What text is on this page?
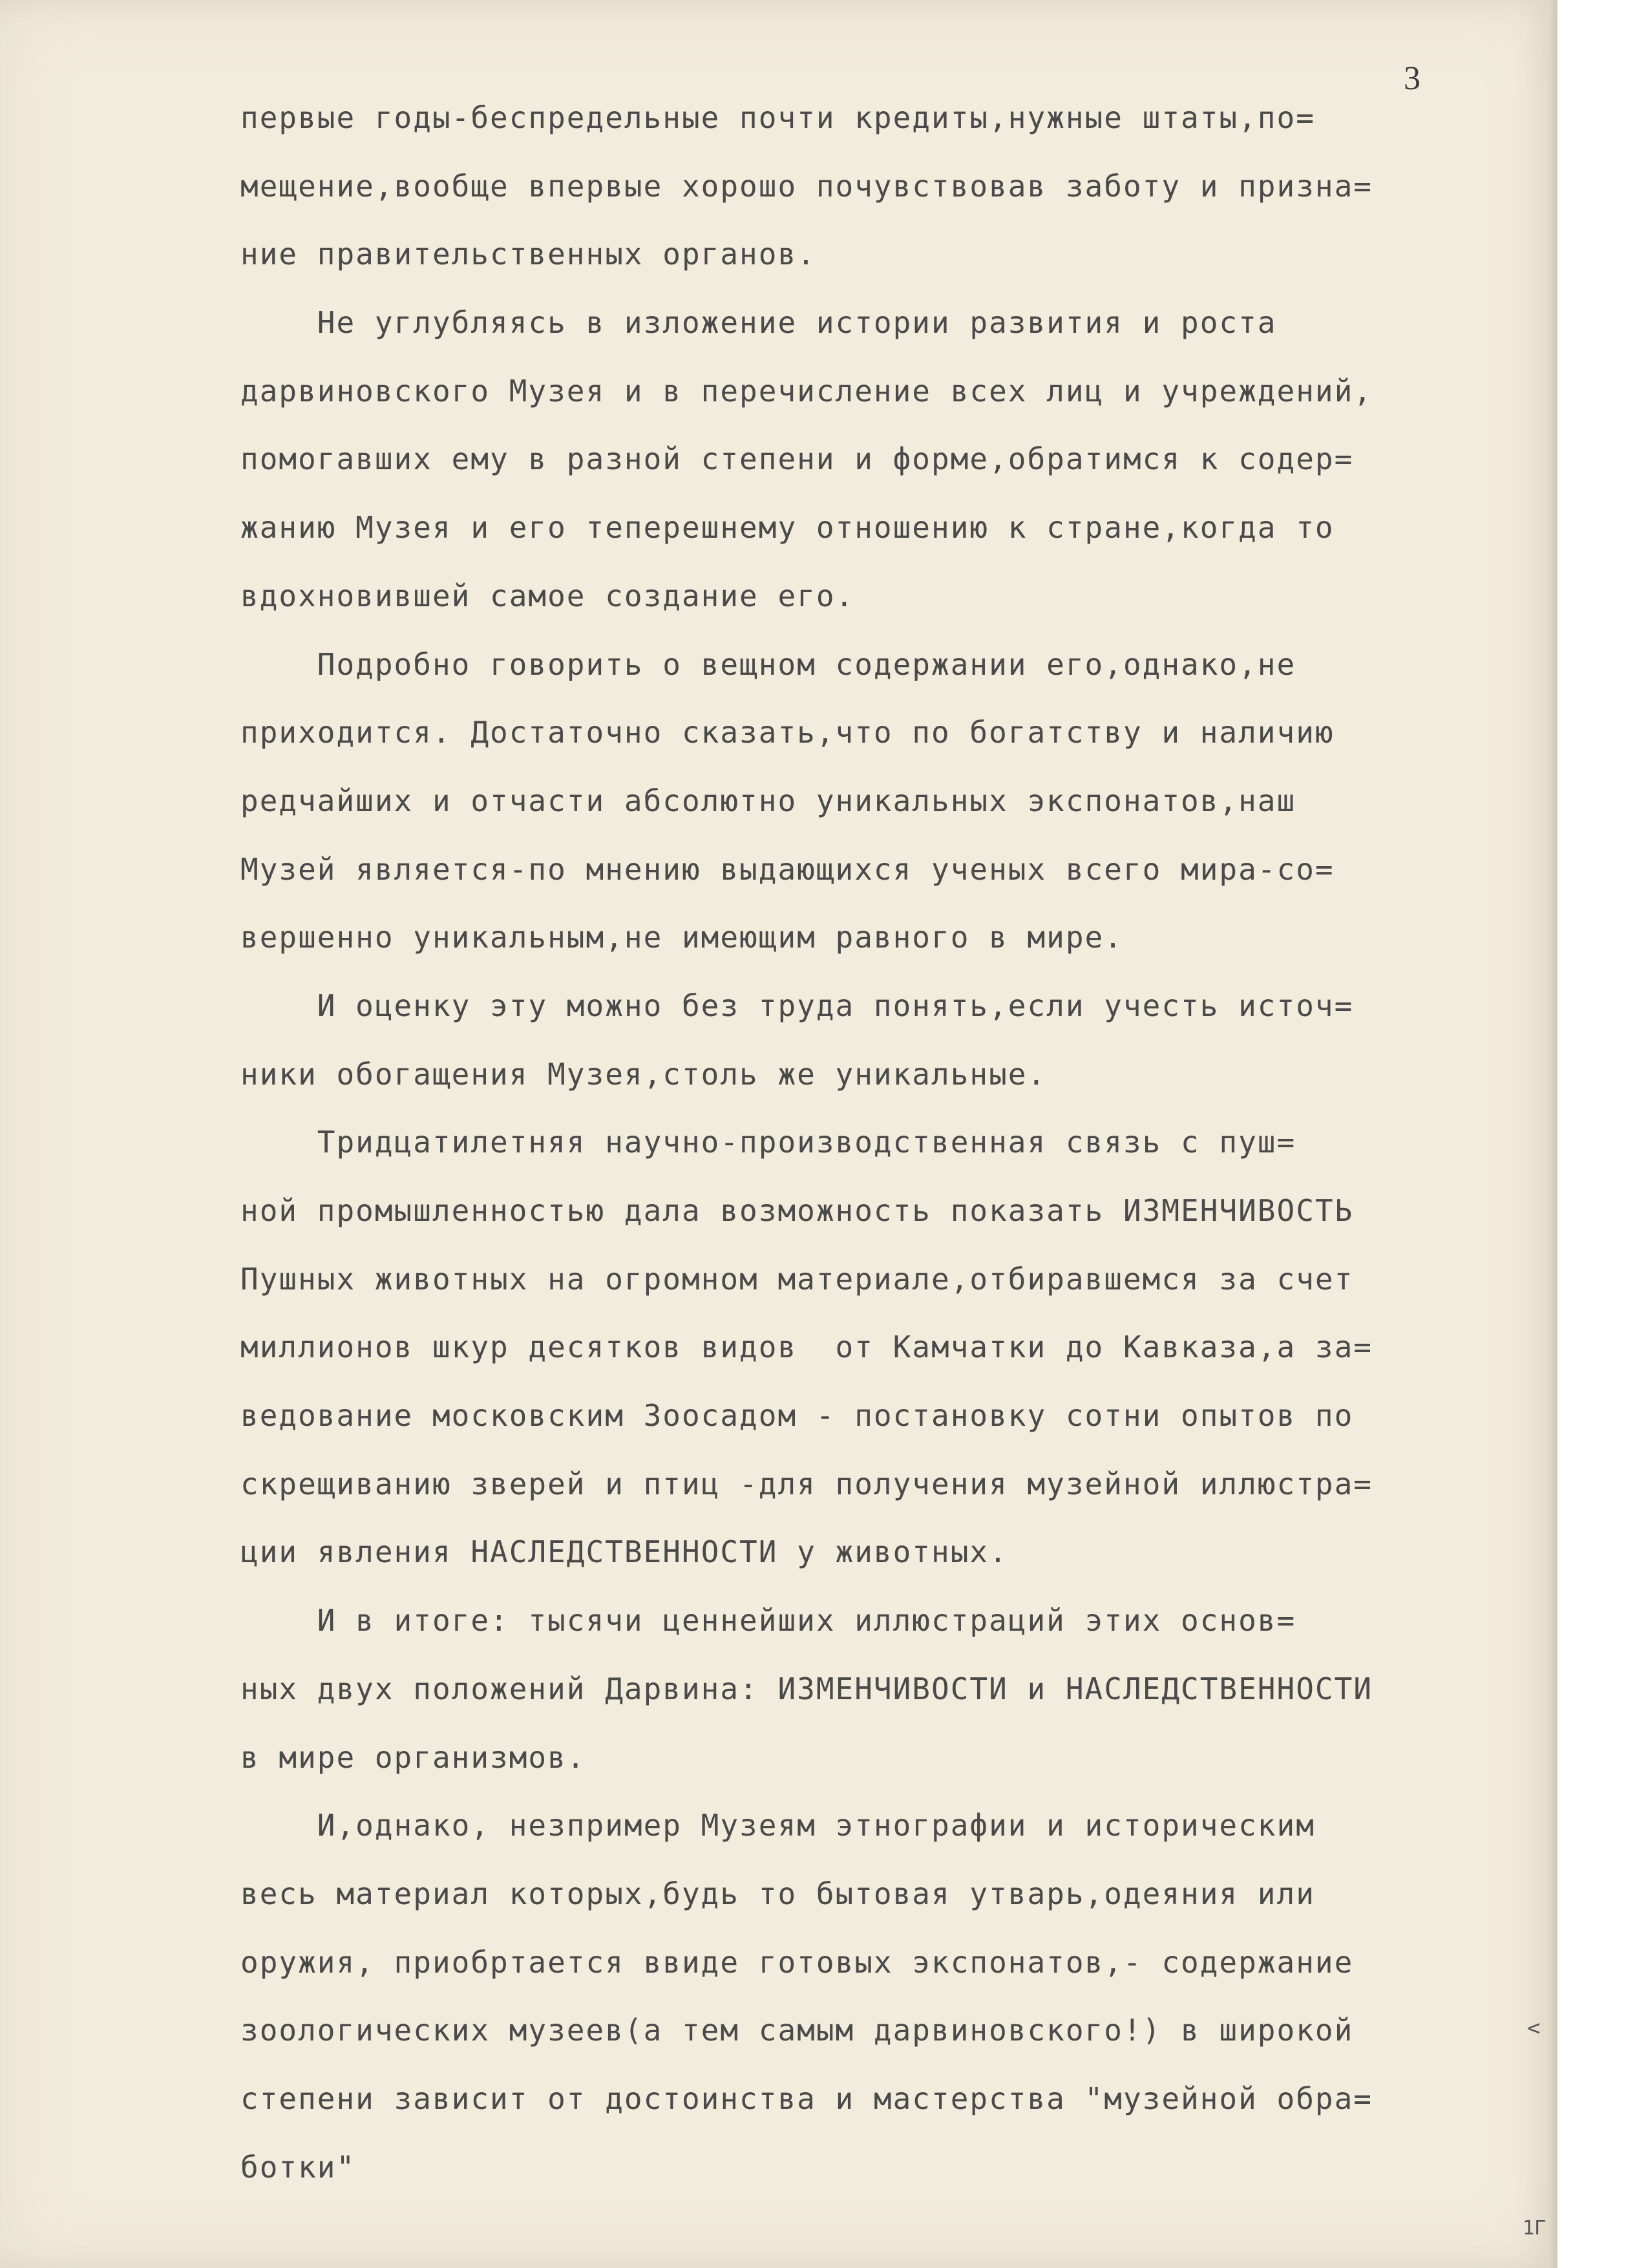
3
первые годы-беспредельные почти кредиты,нужные штаты,по=
мещение,вообще впервые хорошо почувствовав заботу и призна=
ние правительственных органов.
Не углубляясь в изложение истории развития и роста
дарвиновского Музея и в перечисление всех лиц и учреждений,
помогавших ему в разной степени и форме,обратимся к содер=
жанию Музея и его теперешнему отношению к стране,когда то
вдохновившей самое создание его.
Подробно говорить о вещном содержании его,однако,не
приходится. Достаточно сказать,что по богатству и наличию
редчайших и отчасти абсолютно уникальных экспонатов,наш
Музей является-по мнению выдающихся ученых всего мира-со=
вершенно уникальным,не имеющим равного в мире.
И оценку эту можно без труда понять,если учесть источ=
ники обогащения Музея,столь же уникальные.
Тридцатилетняя научно-производственная связь с пуш=
ной промышленностью дала возможность показать ИЗМЕНЧИВОСТЬ
Пушных животных на огромном материале,отбиравшемся за счет
миллионов шкур десятков видов  от Камчатки до Кавказа,а за=
ведование московским Зоосадом - постановку сотни опытов по
скрещиванию зверей и птиц -для получения музейной иллюстра=
ции явления НАСЛЕДСТВЕННОСТИ у животных.
И в итоге: тысячи ценнейших иллюстраций этих основ=
ных двух положений Дарвина: ИЗМЕНЧИВОСТИ и НАСЛЕДСТВЕННОСТИ
в мире организмов.
И,однако, незпример Музеям этнографии и историческим
весь материал которых,будь то бытовая утварь,одеяния или
оружия, приобртается ввиде готовых экспонатов,- содержание
зоологических музеев(а тем самым дарвиновского!) в широкой
степени зависит от достоинства и мастерства "музейной обра=
ботки"
<
1Г
